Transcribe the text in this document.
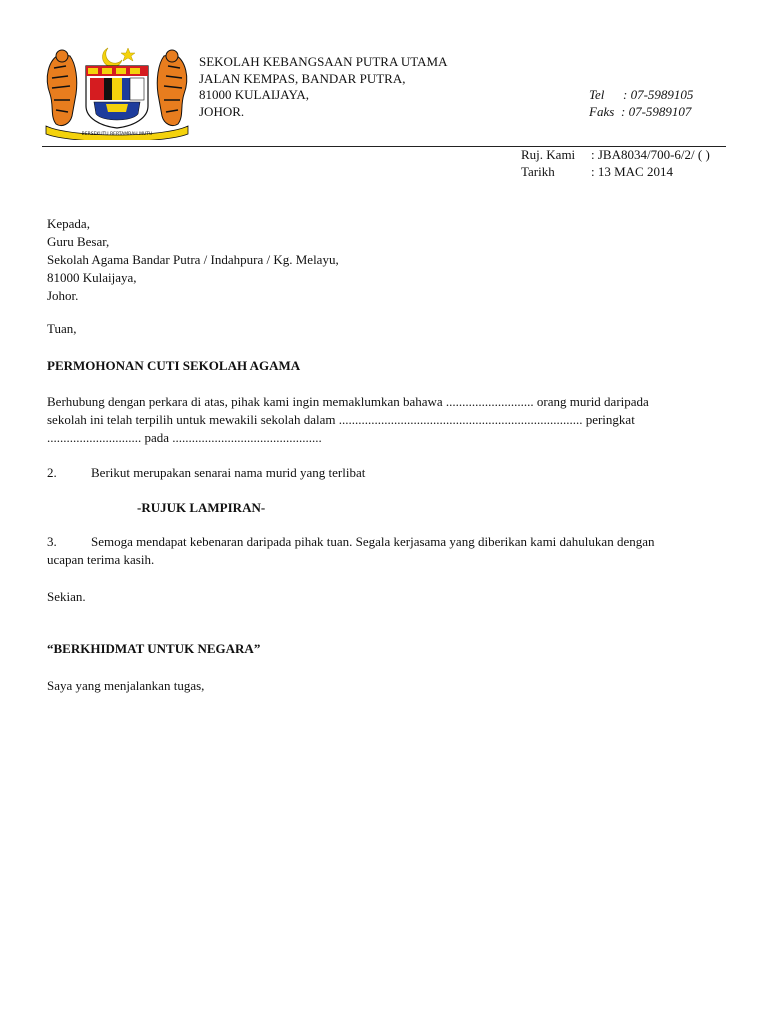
BERSEKUTU BERTAMBAH MUTU
SEKOLAH KEBANGSAAN PUTRA UTAMA
JALAN KEMPAS, BANDAR PUTRA,
81000 KULAIJAYA,
JOHOR.
Tel : 07-5989105
Faks : 07-5989107
Ruj. Kami : JBA8034/700-6/2/ ( )
Tarikh	: 13 MAC 2014
Kepada,
Guru Besar,
Sekolah Agama Bandar Putra / Indahpura / Kg. Melayu,
81000 Kulaijaya,
Johor.
Tuan,
PERMOHONAN CUTI SEKOLAH AGAMA
Berhubung dengan perkara di atas, pihak kami ingin memaklumkan bahawa ........................... orang murid daripada
sekolah ini telah terpilih untuk mewakili sekolah dalam ........................................................................... peringkat
............................. pada ..............................................
2.	Berikut merupakan senarai nama murid yang terlibat
-RUJUK LAMPIRAN-
3.	Semoga mendapat kebenaran daripada pihak tuan. Segala kerjasama yang diberikan kami dahulukan dengan
ucapan terima kasih.
Sekian.
“BERKHIDMAT UNTUK NEGARA”
Saya yang menjalankan tugas,
